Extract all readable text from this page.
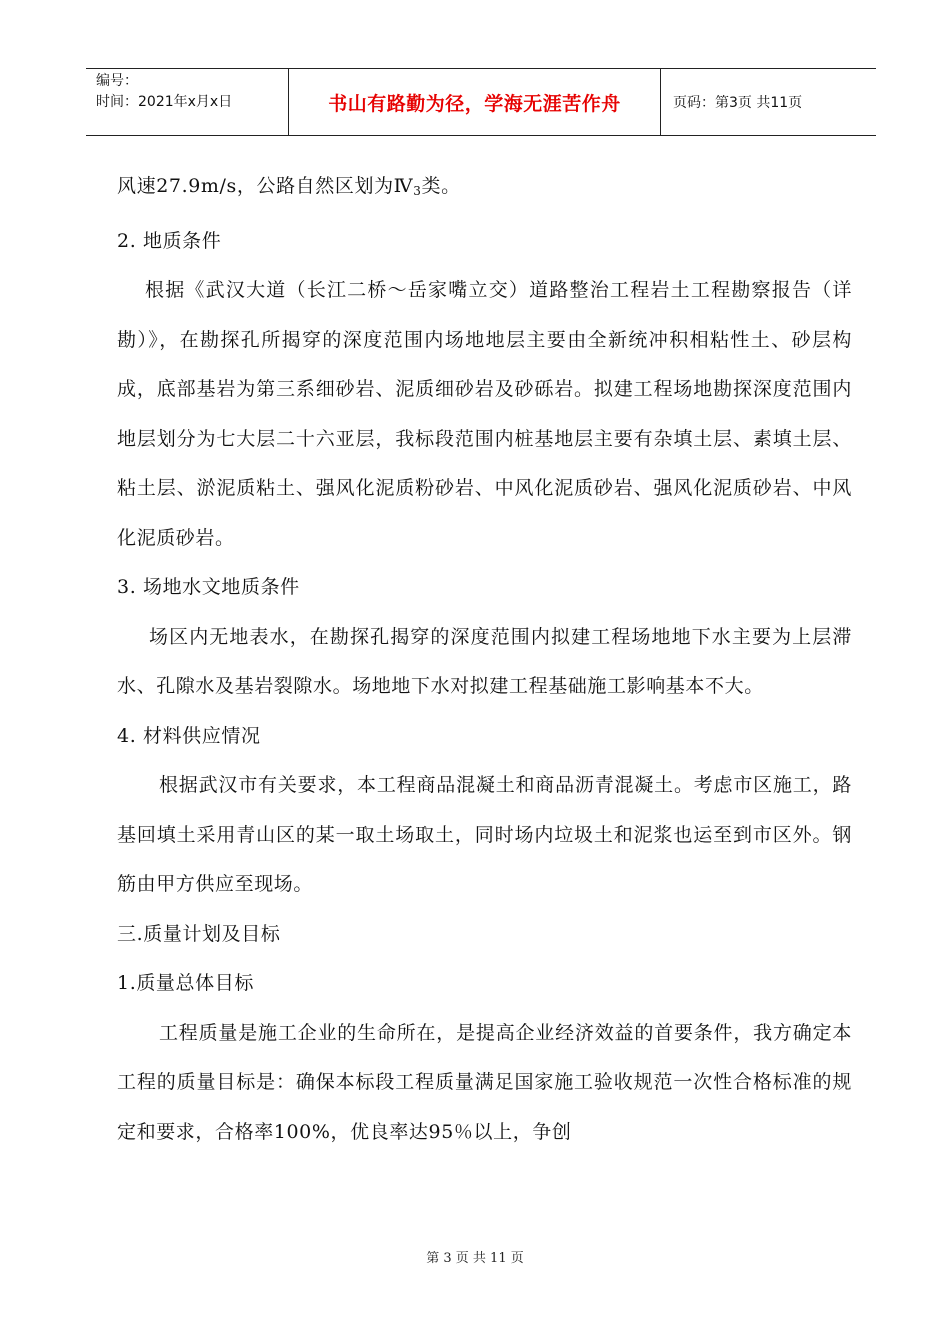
编号：
时间：2021年x月x日	书山有路勤为径，学海无涯苦作舟	页码：第3页 共11页

风速27.9m/s，公路自然区划为$Ⅳ_3$类。

2. 地质条件

根据《武汉大道（长江二桥～岳家嘴立交）道路整治工程岩土工程勘察报告（详勘）》，在勘探孔所揭穿的深度范围内场地地层主要由全新统冲积相粘性土、砂层构成，底部基岩为第三系细砂岩、泥质细砂岩及砂砾岩。拟建工程场地勘探深度范围内地层划分为七大层二十六亚层，我标段范围内桩基地层主要有杂填土层、素填土层、粘土层、淤泥质粘土、强风化泥质粉砂岩、中风化泥质砂岩、强风化泥质砂岩、中风化泥质砂岩。

3. 场地水文地质条件

场区内无地表水，在勘探孔揭穿的深度范围内拟建工程场地地下水主要为上层滞水、孔隙水及基岩裂隙水。场地地下水对拟建工程基础施工影响基本不大。

4. 材料供应情况

根据武汉市有关要求，本工程商品混凝土和商品沥青混凝土。考虑市区施工，路基回填土采用青山区的某一取土场取土，同时场内垃圾土和泥浆也运至到市区外。钢筋由甲方供应至现场。

三.质量计划及目标

1.质量总体目标

工程质量是施工企业的生命所在，是提高企业经济效益的首要条件，我方确定本工程的质量目标是：确保本标段工程质量满足国家施工验收规范一次性合格标准的规定和要求，合格率100%，优良率达95％以上，争创

第 3 页 共 11 页
